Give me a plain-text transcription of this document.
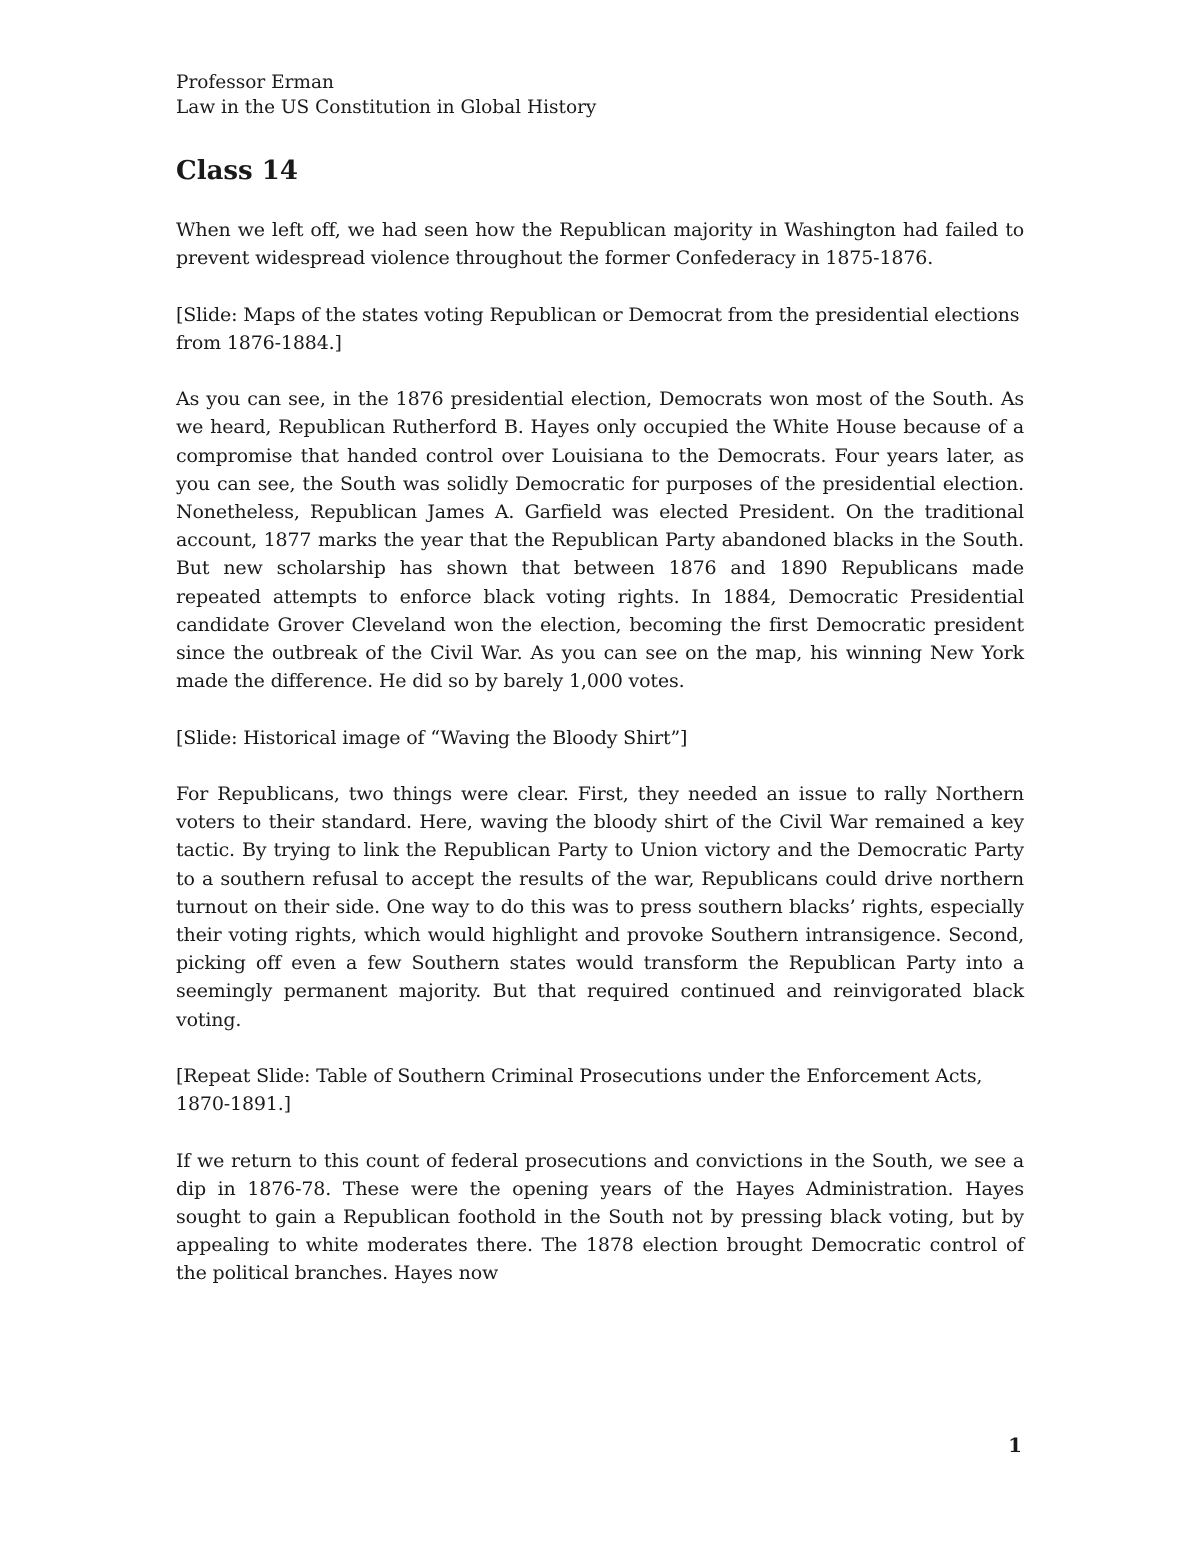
Professor Erman

Law in the US Constitution in Global History

Class 14

When we left off, we had seen how the Republican majority in Washington had failed to prevent widespread violence throughout the former Confederacy in 1875-1876.

[Slide: Maps of the states voting Republican or Democrat from the presidential elections from 1876-1884.]

As you can see, in the 1876 presidential election, Democrats won most of the South. As we heard, Republican Rutherford B. Hayes only occupied the White House because of a compromise that handed control over Louisiana to the Democrats. Four years later, as you can see, the South was solidly Democratic for purposes of the presidential election. Nonetheless, Republican James A. Garfield was elected President. On the traditional account, 1877 marks the year that the Republican Party abandoned blacks in the South. But new scholarship has shown that between 1876 and 1890 Republicans made repeated attempts to enforce black voting rights. In 1884, Democratic Presidential candidate Grover Cleveland won the election, becoming the first Democratic president since the outbreak of the Civil War. As you can see on the map, his winning New York made the difference. He did so by barely 1,000 votes.

[Slide: Historical image of “Waving the Bloody Shirt”]

For Republicans, two things were clear. First, they needed an issue to rally Northern voters to their standard. Here, waving the bloody shirt of the Civil War remained a key tactic. By trying to link the Republican Party to Union victory and the Democratic Party to a southern refusal to accept the results of the war, Republicans could drive northern turnout on their side. One way to do this was to press southern blacks’ rights, especially their voting rights, which would highlight and provoke Southern intransigence. Second, picking off even a few Southern states would transform the Republican Party into a seemingly permanent majority. But that required continued and reinvigorated black voting.

[Repeat Slide: Table of Southern Criminal Prosecutions under the Enforcement Acts, 1870-1891.]

If we return to this count of federal prosecutions and convictions in the South, we see a dip in 1876-78. These were the opening years of the Hayes Administration. Hayes sought to gain a Republican foothold in the South not by pressing black voting, but by appealing to white moderates there. The 1878 election brought Democratic control of the political branches. Hayes now

1
